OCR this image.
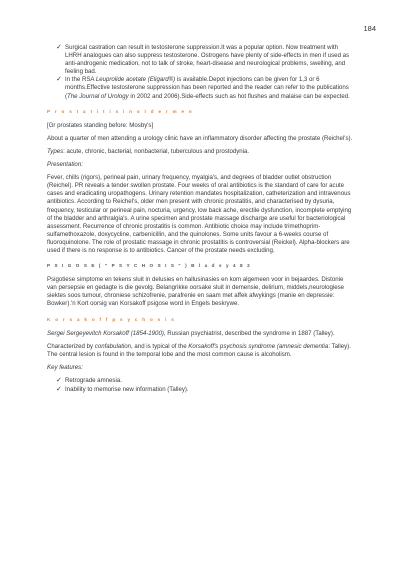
184
✓ Surgical castration can result in testosterone suppression.It was a popular option. Now treatment with LHRH analogues can also suppress testosterone. Ostrogens have plenty of side-effects in men if used as anti-androgenic medication, not to talk of stroke, heart-disease and neurological problems, swelling, and feeling bad.
✓ In the RSA Leuprolide acetate (Eligard®) is available.Depot injections can be given for 1,3 or 6 months.Effective testosterone suppression has been reported and the reader can refer to the publications (The Journal of Urology in 2002 and 2006).Side-effects such as hot flushes and malaise can be expected.
P r o s t a t i t i s i n o l d e r m e n

[Gr prostates standing before: Mosby's]

About a quarter of men attending a urology clinic have an inflammatory disorder affecting the prostate (Reichel's).

Types: acute, chronic, bacterial, nonbacterial, tuberculous and prostodynia.

Presentation:

Fever, chills (rigors), perineal pain, urinary frequency, myalgia's, and degrees of bladder outlet obstruction (Reichel). PR reveals a tender swollen prostate. Four weeks of oral antibiotics is the standard of care for acute cases and eradicating uropathogens. Urinary retention mandates hospitalization, catheterization and intravenous antibiotics. According to Reichel's, older men present with chronic prostatitis, and characterised by dysuria, frequency, testicular or perineal pain, nocturia, urgency, low back ache, erectile dysfunction, incomplete emptying of the bladder and arthralgia's. A urine specimen and prostate massage discharge are useful for bacteriological assessment. Recurrence of chronic prostatitis is common. Antibiotic choice may include trimethoprim-sulfamethoxazole, doxycycline, carbenicillin, and the quinolones. Some units favour a 6-weeks course of fluoroquinolone. The role of prostatic massage in chronic prostatitis is controversial (Reickel). Alpha-blockers are used if there is no response is to antibiotics. Cancer of the prostate needs excluding.

P S I G O S E ( " P S Y C H O S I S " ) B l a d s y 4 8 2

Psigotiese simptome en tekens sluit in delusies en hallusinasies en kom algemeen voor in bejaardes. Distonie van persepsie en gedagte is die gevolg. Belangrikke oorsake sluit in demensie, delirium, middels,neurologiese siektes soos tumour, chroniese schizofrenie, parafrenie en saam met affek afwykings (manie en depressie: Bowker).'n Kort oorsig van Korsakoff psigose word in Engels beskrywe.

K o r s a k o f f p s y c h o s i s

Sergei Sergeyevitch Korsakoff (1854-1900), Russian psychiatrist, described the syndrome in 1887 (Talley).

Characterized by confabulation, and is typical of the Korsakoff's psychosis syndrome (amnesic dementia: Talley). The central lesion is found in the temporal lobe and the most common cause is alcoholism.

Key features:

✓ Retrograde amnesia.
✓ Inability to memorise new information (Talley).
